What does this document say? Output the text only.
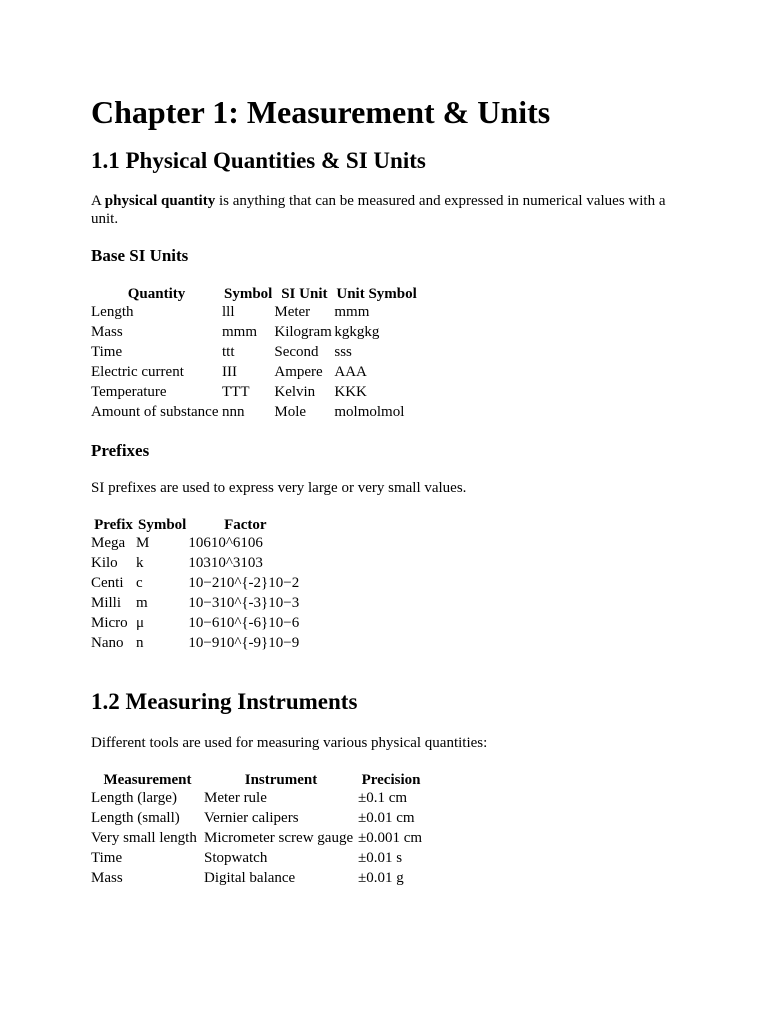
Chapter 1: Measurement & Units
1.1 Physical Quantities & SI Units

A physical quantity is anything that can be measured and expressed in numerical values with a unit.

Base SI Units
Quantity	Symbol	SI Unit	Unit Symbol
Length	lll	Meter	mmm
Mass	mmm	Kilogram	kgkgkg
Time	ttt	Second	sss
Electric current	III	Ampere	AAA
Temperature	TTT	Kelvin	KKK
Amount of substance	nnn	Mole	molmolmol
Prefixes

SI prefixes are used to express very large or very small values.

Prefix	Symbol	Factor
Mega	M	10610^6106
Kilo	k	10310^3103
Centi	c	10−210^{-2}10−2
Milli	m	10−310^{-3}10−3
Micro	μ	10−610^{-6}10−6
Nano	n	10−910^{-9}10−9
1.2 Measuring Instruments

Different tools are used for measuring various physical quantities:

Measurement	Instrument	Precision
Length (large)	Meter rule	±0.1 cm
Length (small)	Vernier calipers	±0.01 cm
Very small length	Micrometer screw gauge	±0.001 cm
Time	Stopwatch	±0.01 s
Mass	Digital balance	±0.01 g
